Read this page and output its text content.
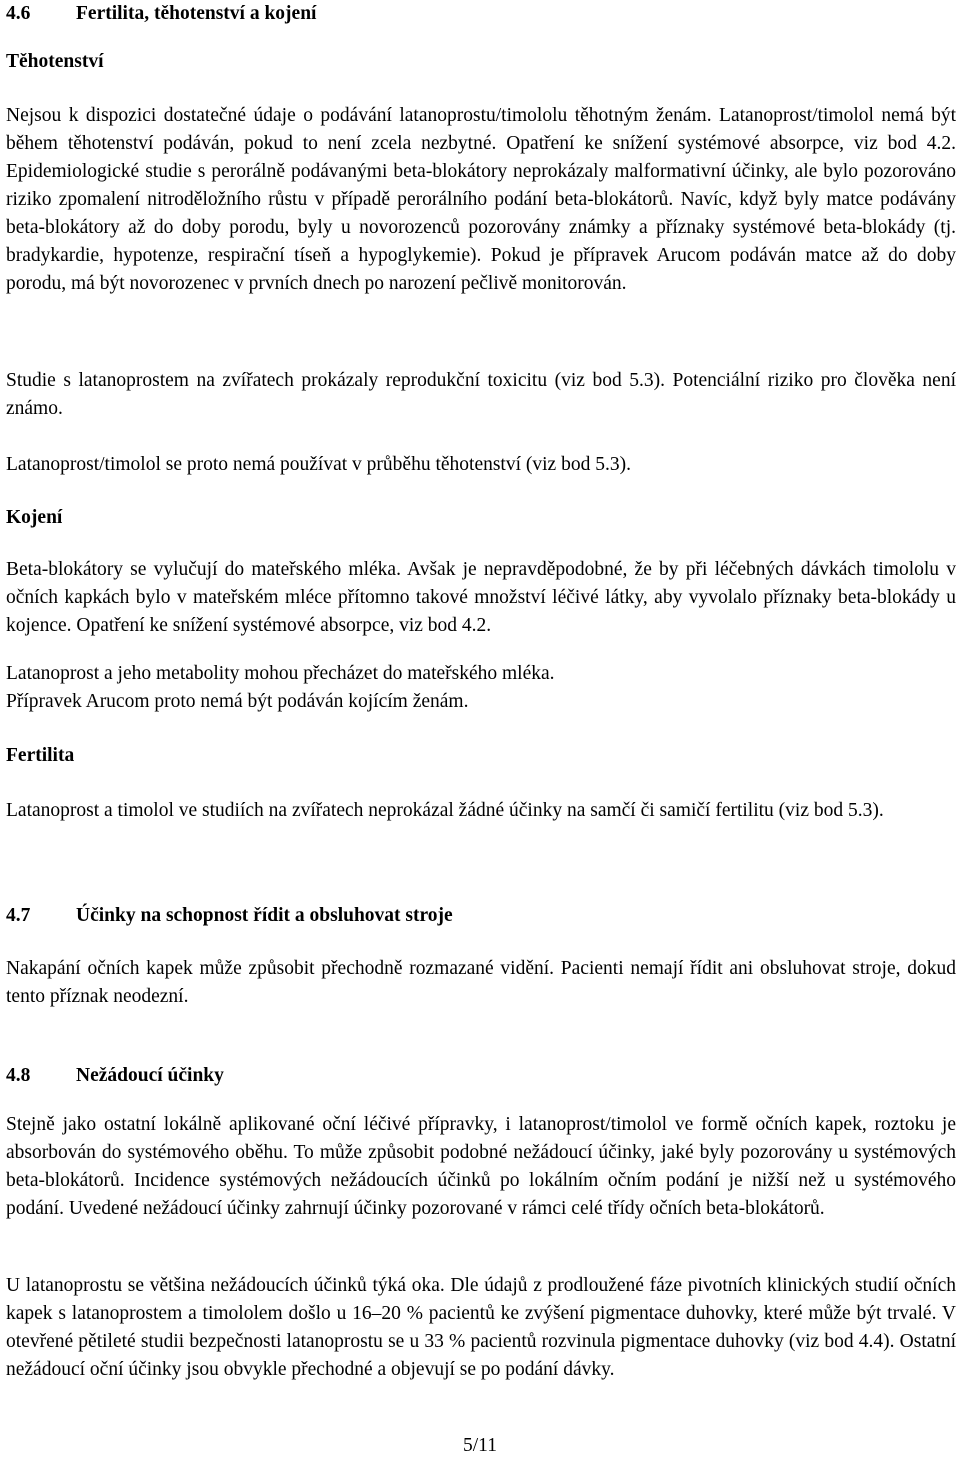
4.6 Fertilita, těhotenství a kojení
Těhotenství

Nejsou k dispozici dostatečné údaje o podávání latanoprostu/timololu těhotným ženám. Latanoprost/timolol nemá být během těhotenství podáván, pokud to není zcela nezbytné. Opatření ke snížení systémové absorpce, viz bod 4.2. Epidemiologické studie s perorálně podávanými beta-blokátory neprokázaly malformativní účinky, ale bylo pozorováno riziko zpomalení nitroděložního růstu v případě perorálního podání beta-blokátorů. Navíc, když byly matce podávány beta-blokátory až do doby porodu, byly u novorozenců pozorovány známky a příznaky systémové beta-blokády (tj. bradykardie, hypotenze, respirační tíseň a hypoglykemie). Pokud je přípravek Arucom podáván matce až do doby porodu, má být novorozenec v prvních dnech po narození pečlivě monitorován.

Studie s latanoprostem na zvířatech prokázaly reprodukční toxicitu (viz bod 5.3). Potenciální riziko pro člověka není známo.

Latanoprost/timolol se proto nemá používat v průběhu těhotenství (viz bod 5.3).

Kojení

Beta-blokátory se vylučují do mateřského mléka. Avšak je nepravděpodobné, že by při léčebných dávkách timololu v očních kapkách bylo v mateřském mléce přítomno takové množství léčivé látky, aby vyvolalo příznaky beta-blokády u kojence. Opatření ke snížení systémové absorpce, viz bod 4.2.

Latanoprost a jeho metabolity mohou přecházet do mateřského mléka.

Přípravek Arucom proto nemá být podáván kojícím ženám.

Fertilita

Latanoprost a timolol ve studiích na zvířatech neprokázal žádné účinky na samčí či samičí fertilitu (viz bod 5.3).

4.7 Účinky na schopnost řídit a obsluhovat stroje

Nakapání očních kapek může způsobit přechodně rozmazané vidění. Pacienti nemají řídit ani obsluhovat stroje, dokud tento příznak neodezní.

4.8 Nežádoucí účinky

Stejně jako ostatní lokálně aplikované oční léčivé přípravky, i latanoprost/timolol ve formě očních kapek, roztoku je absorbován do systémového oběhu. To může způsobit podobné nežádoucí účinky, jaké byly pozorovány u systémových beta-blokátorů. Incidence systémových nežádoucích účinků po lokálním očním podání je nižší než u systémového podání. Uvedené nežádoucí účinky zahrnují účinky pozorované v rámci celé třídy očních beta-blokátorů.

U latanoprostu se většina nežádoucích účinků týká oka. Dle údajů z prodloužené fáze pivotních klinických studií očních kapek s latanoprostem a timololem došlo u 16–20 % pacientů ke zvýšení pigmentace duhovky, které může být trvalé. V otevřené pětileté studii bezpečnosti latanoprostu se u 33 % pacientů rozvinula pigmentace duhovky (viz bod 4.4). Ostatní nežádoucí oční účinky jsou obvykle přechodné a objevují se po podání dávky.

5/11
